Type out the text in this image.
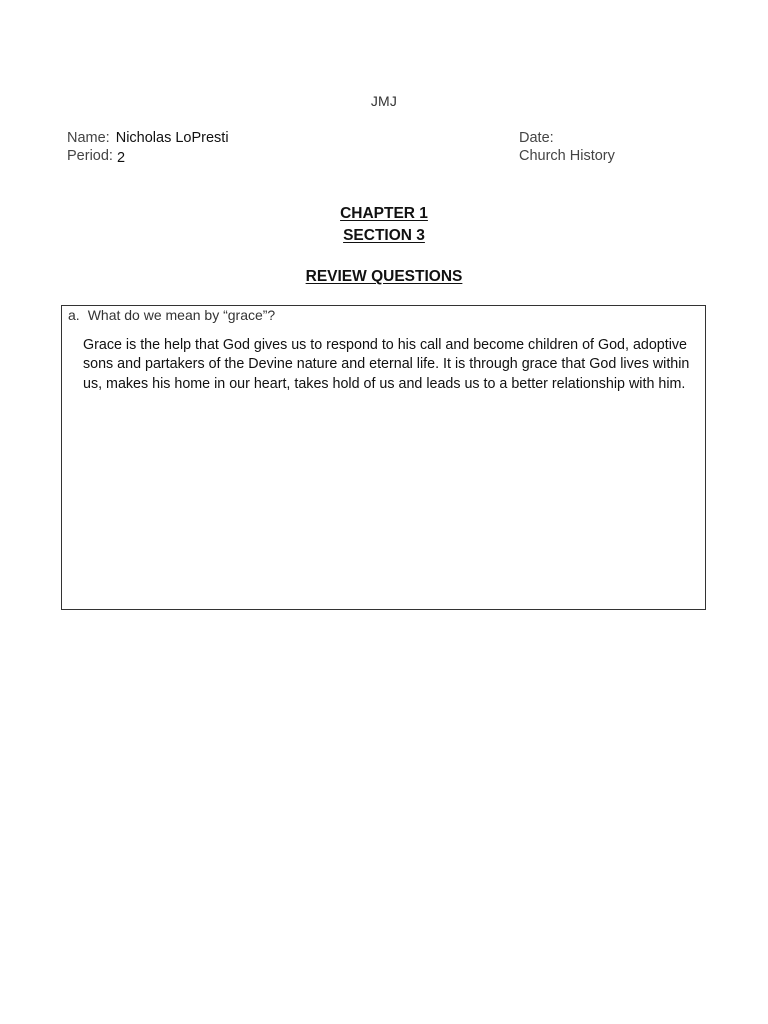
JMJ
Name: Nicholas LoPresti
Period: 2
Date:
Church History
CHAPTER 1
SECTION 3
REVIEW QUESTIONS
a. What do we mean by “grace”?
Grace is the help that God gives us to respond to his call and become children of God, adoptive sons and partakers of the Devine nature and eternal life. It is through grace that God lives within us, makes his home in our heart, takes hold of us and leads us to a better relationship with him.
